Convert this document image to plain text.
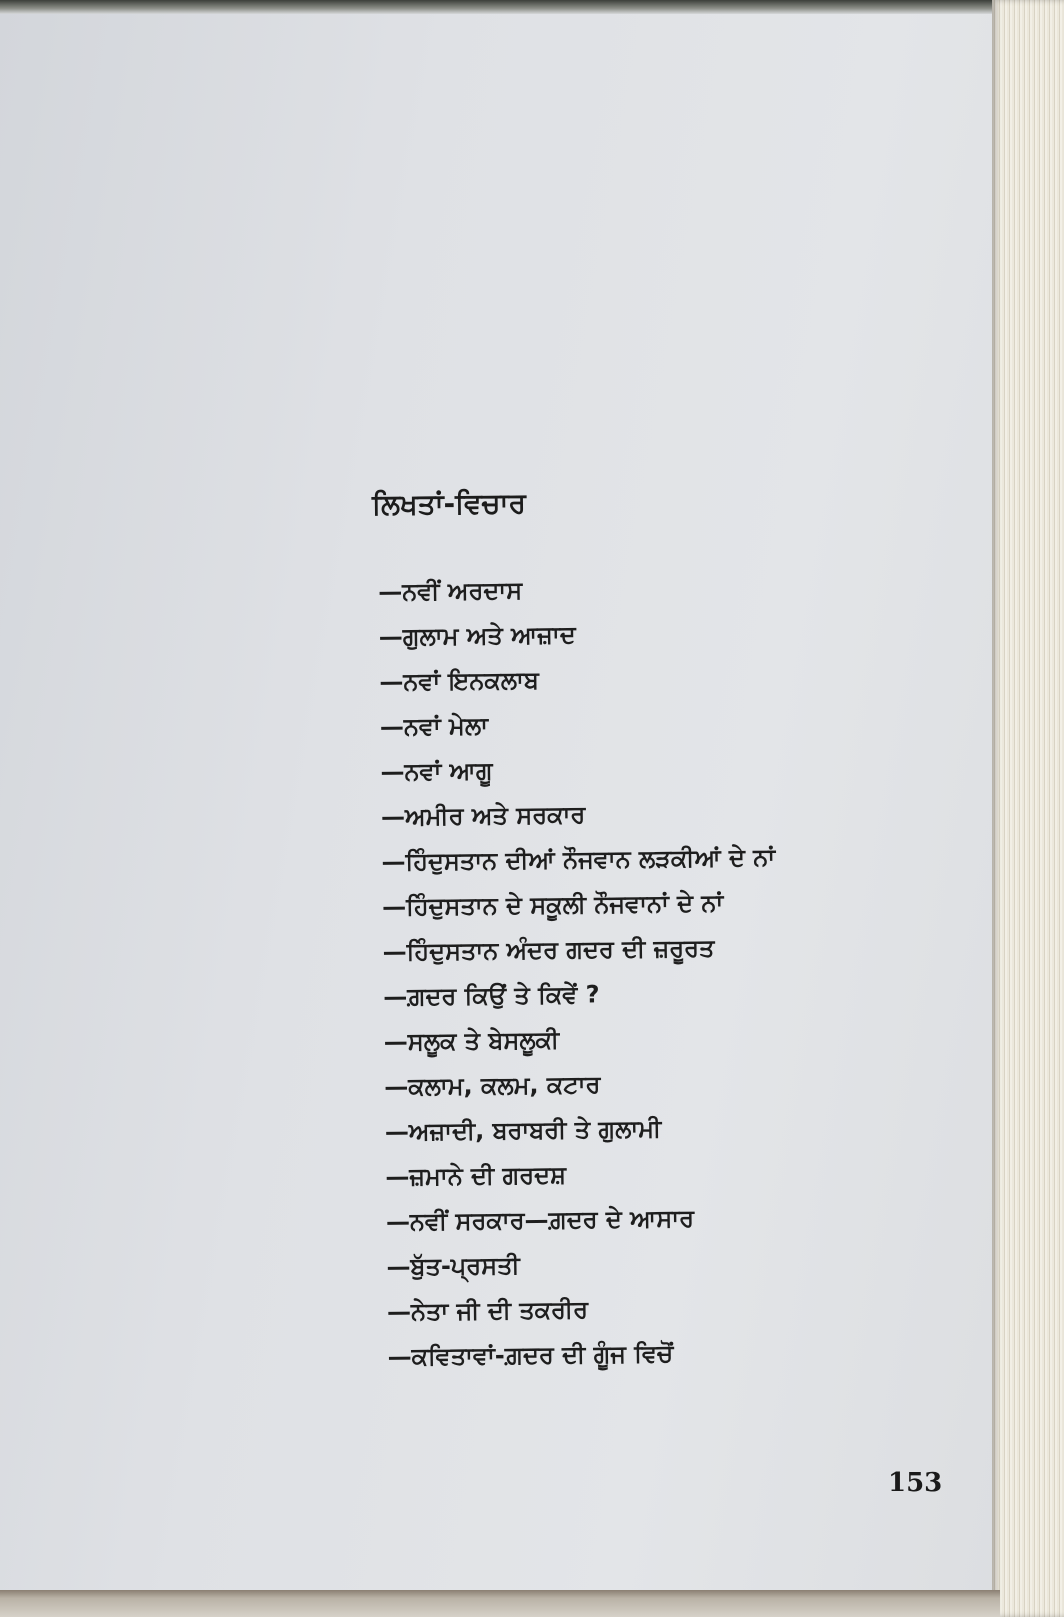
ਲਿਖਤਾਂ-ਵਿਚਾਰ
—ਨਵੀਂ ਅਰਦਾਸ
—ਗੁਲਾਮ ਅਤੇ ਆਜ਼ਾਦ
—ਨਵਾਂ ਇਨਕਲਾਬ
—ਨਵਾਂ ਮੇਲਾ
—ਨਵਾਂ ਆਗੂ
—ਅਮੀਰ ਅਤੇ ਸਰਕਾਰ
—ਹਿੰਦੁਸਤਾਨ ਦੀਆਂ ਨੌਜਵਾਨ ਲੜਕੀਆਂ ਦੇ ਨਾਂ
—ਹਿੰਦੁਸਤਾਨ ਦੇ ਸਕੂਲੀ ਨੌਜਵਾਨਾਂ ਦੇ ਨਾਂ
—ਹਿੰਦੁਸਤਾਨ ਅੰਦਰ ਗਦਰ ਦੀ ਜ਼ਰੂਰਤ
—ਗ਼ਦਰ ਕਿਉਂ ਤੇ ਕਿਵੇਂ ?
—ਸਲੂਕ ਤੇ ਬੇਸਲੂਕੀ
—ਕਲਾਮ, ਕਲਮ, ਕਟਾਰ
—ਅਜ਼ਾਦੀ, ਬਰਾਬਰੀ ਤੇ ਗੁਲਾਮੀ
—ਜ਼ਮਾਨੇ ਦੀ ਗਰਦਸ਼
—ਨਵੀਂ ਸਰਕਾਰ—ਗ਼ਦਰ ਦੇ ਆਸਾਰ
—ਬੁੱਤ-ਪ੍ਰਸਤੀ
—ਨੇਤਾ ਜੀ ਦੀ ਤਕਰੀਰ
—ਕਵਿਤਾਵਾਂ-ਗ਼ਦਰ ਦੀ ਗੂੰਜ ਵਿਚੋਂ
153
